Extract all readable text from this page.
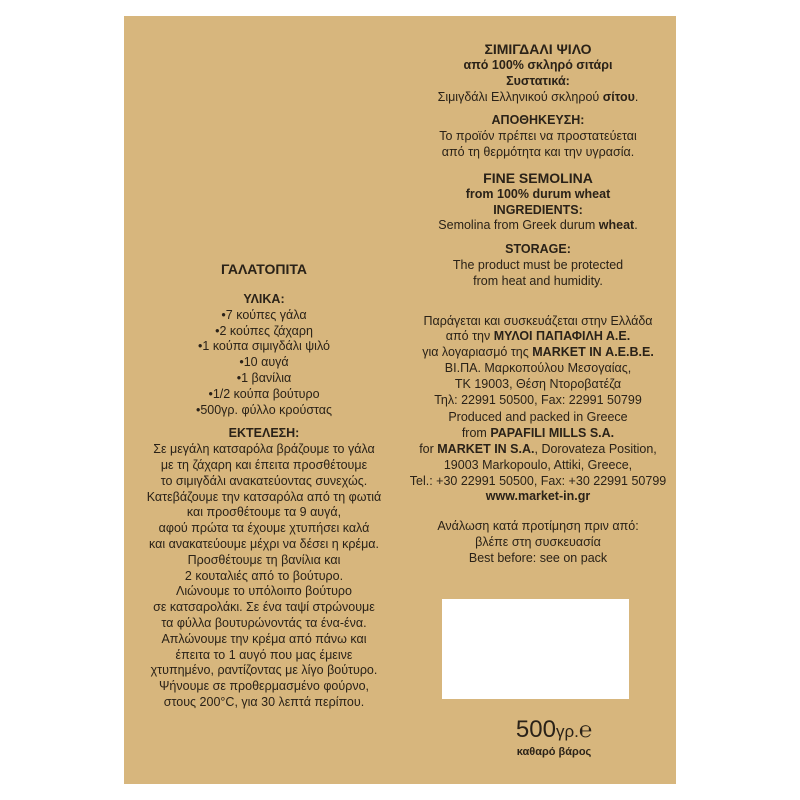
ΓΑΛΑΤΟΠΙΤΑ
ΥΛΙΚΑ:
•7 κούπες γάλα
•2 κούπες ζάχαρη
•1 κούπα σιμιγδάλι ψιλό
•10 αυγά
•1 βανίλια
•1/2 κούπα βούτυρο
•500γρ. φύλλο κρούστας
ΕΚΤΕΛΕΣΗ:
Σε μεγάλη κατσαρόλα βράζουμε το γάλα
με τη ζάχαρη και έπειτα προσθέτουμε
το σιμιγδάλι ανακατεύοντας συνεχώς.
Κατεβάζουμε την κατσαρόλα από τη φωτιά
και προσθέτουμε τα 9 αυγά,
αφού πρώτα τα έχουμε χτυπήσει καλά
και ανακατεύουμε μέχρι να δέσει η κρέμα.
Προσθέτουμε τη βανίλια και
2 κουταλιές από το βούτυρο.
Λιώνουμε το υπόλοιπο βούτυρο
σε κατσαρολάκι. Σε ένα ταψί στρώνουμε
τα φύλλα βουτυρώνοντάς τα ένα-ένα.
Απλώνουμε την κρέμα από πάνω και
έπειτα το 1 αυγό που μας έμεινε
χτυπημένο, ραντίζοντας με λίγο βούτυρο.
Ψήνουμε σε προθερμασμένο φούρνο,
στους 200°C, για 30 λεπτά περίπου.
ΣΙΜΙΓΔΑΛΙ ΨΙΛΟ
από 100% σκληρό σιτάρι
Συστατικά:
Σιμιγδάλι Ελληνικού σκληρού σίτου.
ΑΠΟΘΗΚΕΥΣΗ:
Το προϊόν πρέπει να προστατεύεται
από τη θερμότητα και την υγρασία.
FINE SEMOLINA
from 100% durum wheat
INGREDIENTS:
Semolina from Greek durum wheat.
STORAGE:
The product must be protected
from heat and humidity.
Παράγεται και συσκευάζεται στην Ελλάδα
από την ΜΥΛΟΙ ΠΑΠΑΦΙΛΗ Α.Ε.
για λογαριασμό της MARKET IN Α.Ε.Β.Ε.
ΒΙ.ΠΑ. Μαρκοπούλου Μεσογαίας,
ΤΚ 19003, Θέση Ντοροβατέζα
Τηλ: 22991 50500, Fax: 22991 50799
Produced and packed in Greece
from PAPAFILI MILLS S.A.
for MARKET IN S.A., Dorovateza Position,
19003 Markopoulo, Attiki, Greece,
Tel.: +30 22991 50500, Fax: +30 22991 50799
www.market-in.gr
Ανάλωση κατά προτίμηση πριν από:
βλέπε στη συσκευασία
Best before: see on pack
500γρ.℮
καθαρό βάρος
